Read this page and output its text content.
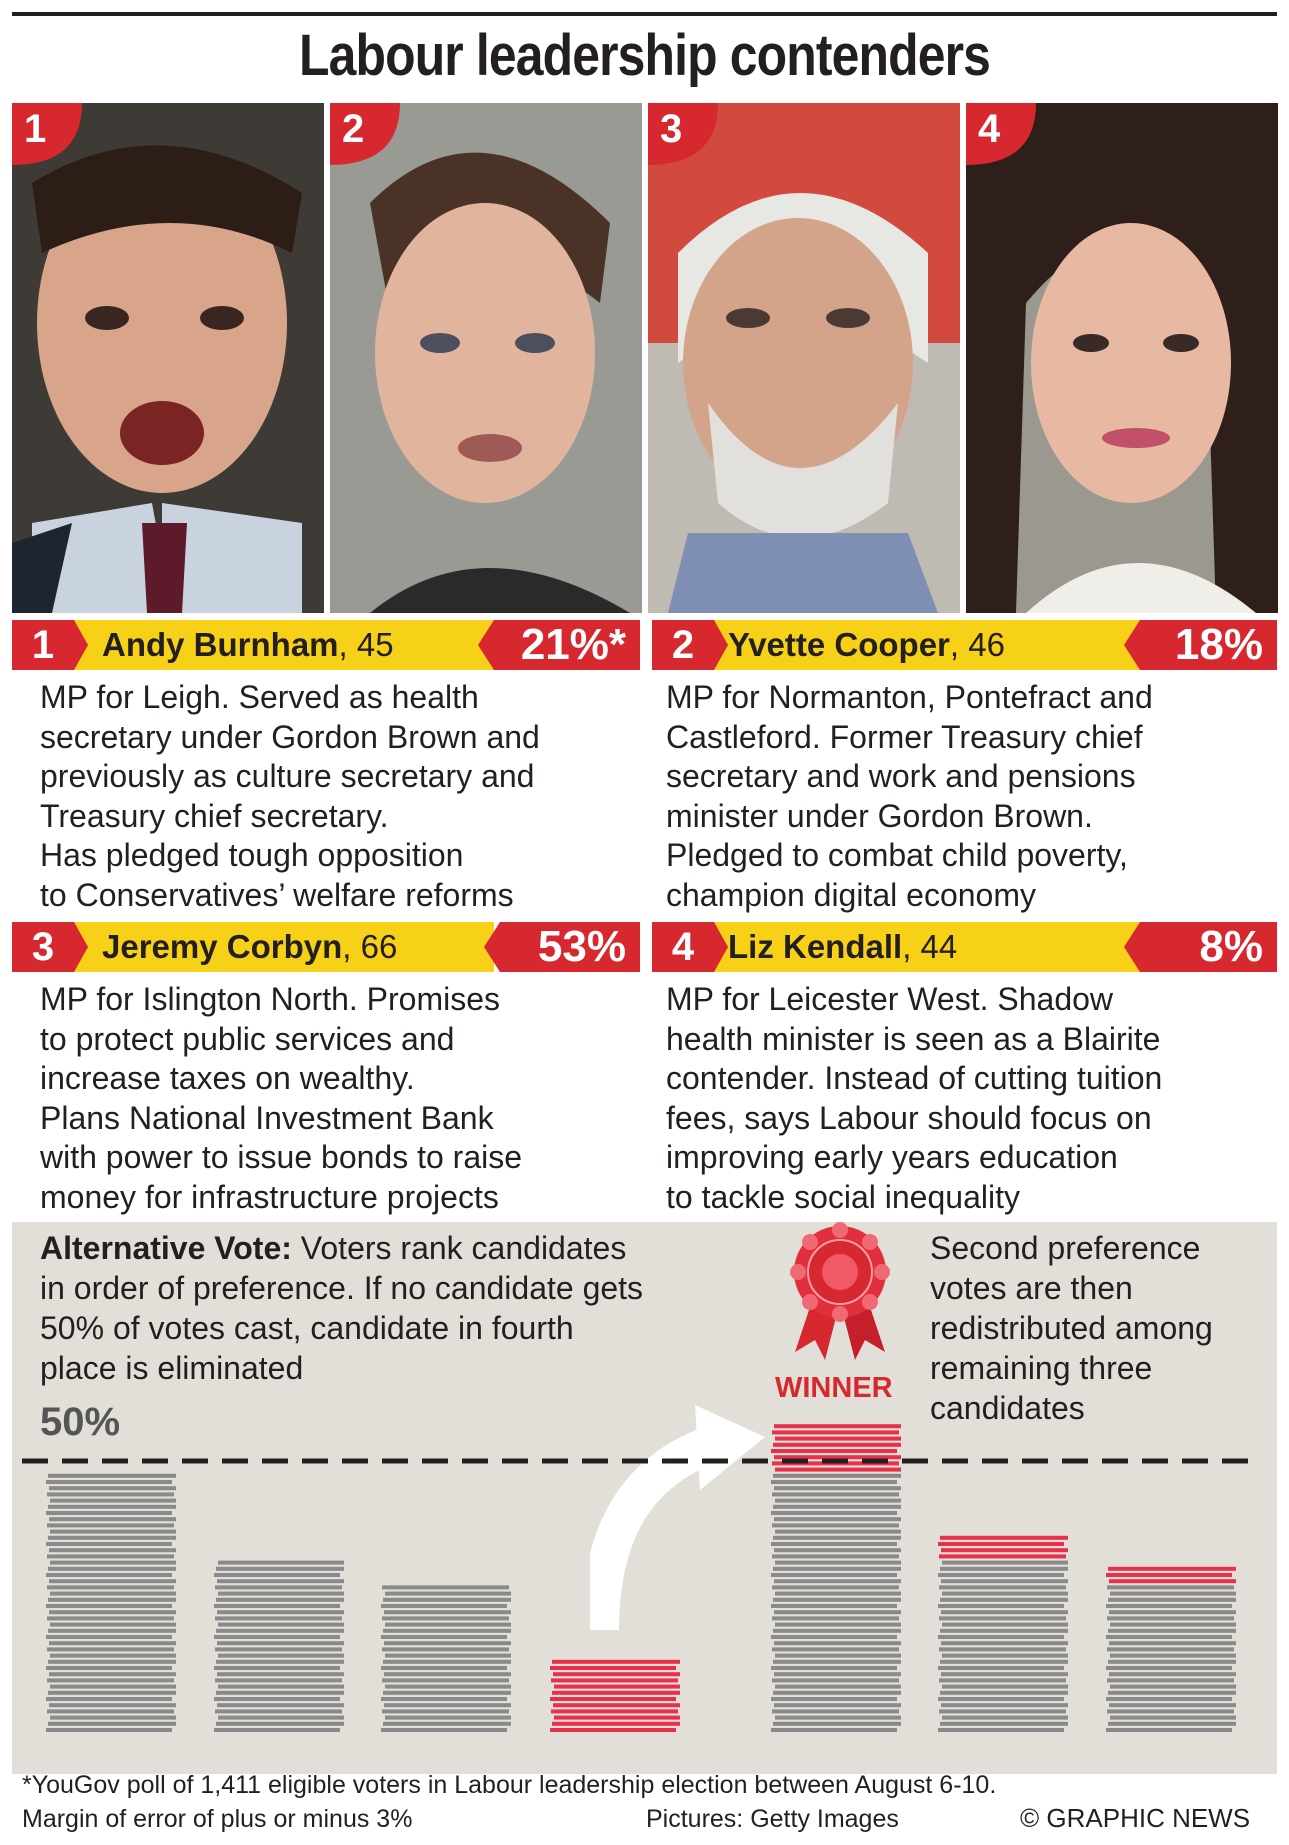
Labour leadership contenders
1	2	3	4
1	Andy Burnham, 45	21%*
MP for Leigh. Served as health
secretary under Gordon Brown and
previously as culture secretary and
Treasury chief secretary.
Has pledged tough opposition
to Conservatives’ welfare reforms
2	Yvette Cooper, 46	18%
MP for Normanton, Pontefract and
Castleford. Former Treasury chief
secretary and work and pensions
minister under Gordon Brown.
Pledged to combat child poverty,
champion digital economy
3	Jeremy Corbyn, 66	53%
MP for Islington North. Promises
to protect public services and
increase taxes on wealthy.
Plans National Investment Bank
with power to issue bonds to raise
money for infrastructure projects
4	Liz Kendall, 44	8%
MP for Leicester West. Shadow
health minister is seen as a Blairite
contender. Instead of cutting tuition
fees, says Labour should focus on
improving early years education
to tackle social inequality
Alternative Vote: Voters rank candidates
in order of preference. If no candidate gets
50% of votes cast, candidate in fourth
place is eliminated
Second preference
votes are then
redistributed among
remaining three
candidates
50%
WINNER
*YouGov poll of 1,411 eligible voters in Labour leadership election between August 6-10.
Margin of error of plus or minus 3%	Pictures: Getty Images	© GRAPHIC NEWS
